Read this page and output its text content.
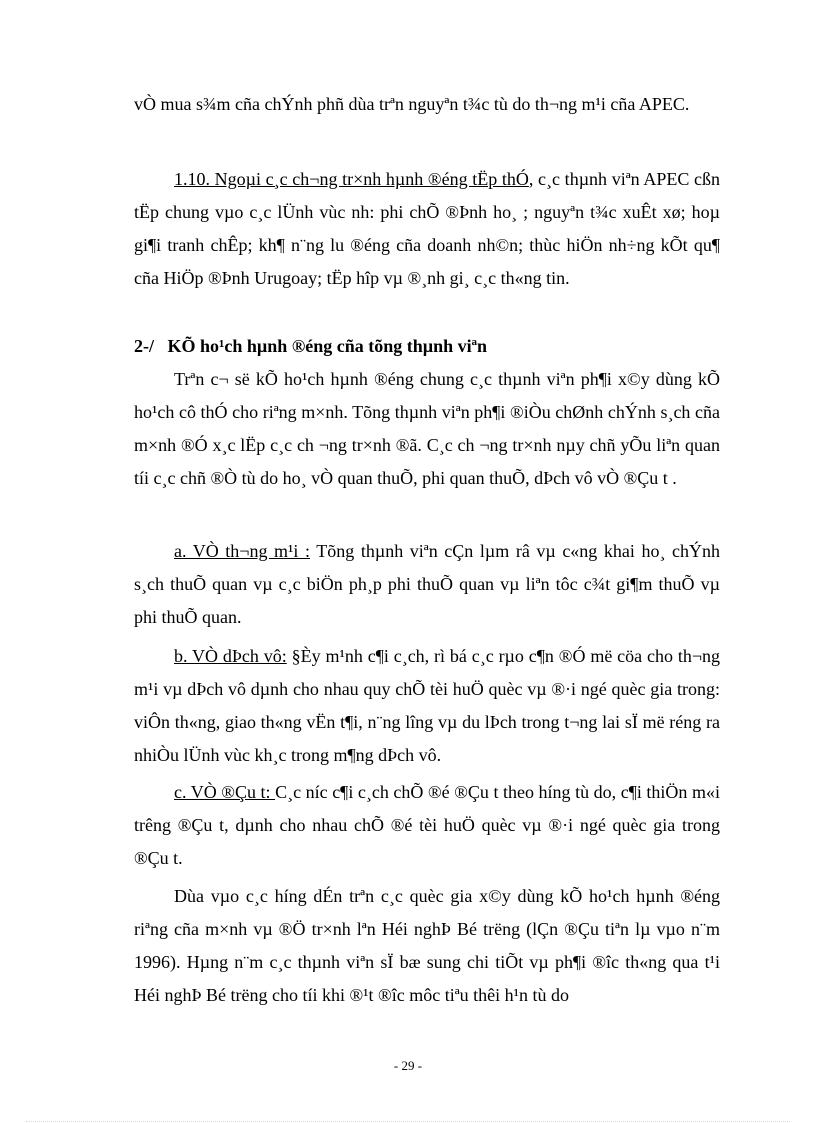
vÒ mua s¾m cña chÝnh phñ dùa trªn nguyªn t¾c tù do th¬ng m¹i cña APEC.

1.10. Ngoµi c¸c ch¬ng tr×nh hµnh ®éng tËp thÓ, c¸c thµnh viªn APEC cßn tËp chung vµo c¸c lÜnh vùc nh: phi chÕ ®Þnh ho¸ ; nguyªn t¾c xuÊt xø; hoµ gi¶i tranh chÊp; kh¶ n¨ng lu ®éng cña doanh nh©n; thùc hiÖn nh÷ng kÕt qu¶ cña HiÖp ®Þnh Urugoay; tËp hîp vµ ®¸nh gi¸ c¸c th«ng tin.

2-/ KÕ ho¹ch hµnh ®éng cña tõng thµnh viªn

Trªn c¬ së kÕ ho¹ch hµnh ®éng chung c¸c thµnh viªn ph¶i x©y dùng kÕ ho¹ch cô thÓ cho riªng m×nh. Tõng thµnh viªn ph¶i ®iÒu chØnh chÝnh s¸ch cña m×nh ®Ó x¸c lËp c¸c ch ¬ng tr×nh ®ã. C¸c ch ¬ng tr×nh nµy chñ yÕu liªn quan tíi c¸c chñ ®Ò tù do ho¸ vÒ quan thuÕ, phi quan thuÕ, dÞch vô vÒ ®Çu t .

a. VÒ th¬ng m¹i : Tõng thµnh viªn cÇn lµm râ vµ c«ng khai ho¸ chÝnh s¸ch thuÕ quan vµ c¸c biÖn ph¸p phi thuÕ quan vµ liªn tôc c¾t gi¶m thuÕ vµ phi thuÕ quan.

b. VÒ dÞch vô: §Èy m¹nh c¶i c¸ch, rì bá c¸c rµo c¶n ®Ó më cöa cho th¬ng m¹i vµ dÞch vô dµnh cho nhau quy chÕ tèi huÖ quèc vµ ®·i ngé quèc gia trong: viÔn th«ng, giao th«ng vËn t¶i, n¨ng lîng vµ du lÞch trong t¬ng lai sÏ më réng ra nhiÒu lÜnh vùc kh¸c trong m¶ng dÞch vô.

c. VÒ ®Çu t: C¸c níc c¶i c¸ch chÕ ®é ®Çu t theo híng tù do, c¶i thiÖn m«i trêng ®Çu t, dµnh cho nhau chÕ ®é tèi huÖ quèc vµ ®·i ngé quèc gia trong ®Çu t.

Dùa vµo c¸c híng dÉn trªn c¸c quèc gia x©y dùng kÕ ho¹ch hµnh ®éng riªng cña m×nh vµ ®Ö tr×nh lªn Héi nghÞ Bé trëng (lÇn ®Çu tiªn lµ vµo n¨m 1996). Hµng n¨m c¸c thµnh viªn sÏ bæ sung chi tiÕt vµ ph¶i ®îc th«ng qua t¹i Héi nghÞ Bé trëng cho tíi khi ®¹t ®îc môc tiªu thêi h¹n tù do

- 29 -
